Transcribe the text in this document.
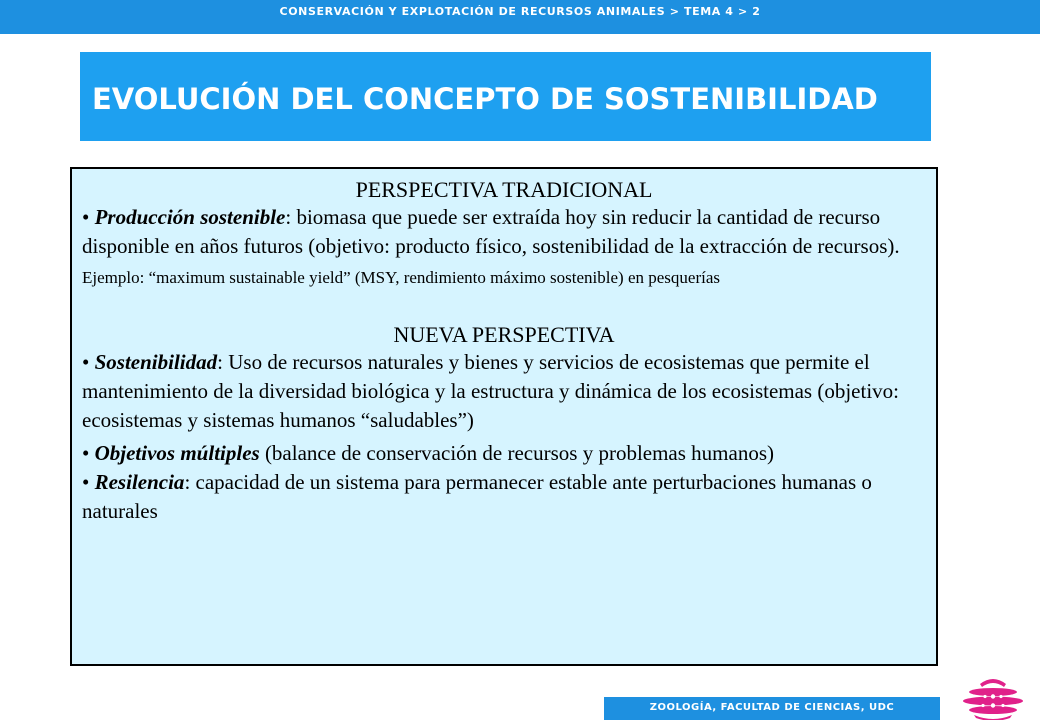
CONSERVACIÓN Y EXPLOTACIÓN DE RECURSOS ANIMALES > TEMA 4 > 2
EVOLUCIÓN DEL CONCEPTO DE SOSTENIBILIDAD
PERSPECTIVA TRADICIONAL
• Producción sostenible: biomasa que puede ser extraída hoy sin reducir la cantidad de recurso disponible en años futuros (objetivo: producto físico, sostenibilidad de la extracción de recursos). Ejemplo: “maximum sustainable yield” (MSY, rendimiento máximo sostenible) en pesquerías
NUEVA PERSPECTIVA
• Sostenibilidad: Uso de recursos naturales y bienes y servicios de ecosistemas que permite el mantenimiento de la diversidad biológica y la estructura y dinámica de los ecosistemas (objetivo: ecosistemas y sistemas humanos “saludables”)
• Objetivos múltiples (balance de conservación de recursos y problemas humanos)
• Resilencia: capacidad de un sistema para permanecer estable ante perturbaciones humanas o naturales
ZOOLOGÍA, FACULTAD DE CIENCIAS, UDC
